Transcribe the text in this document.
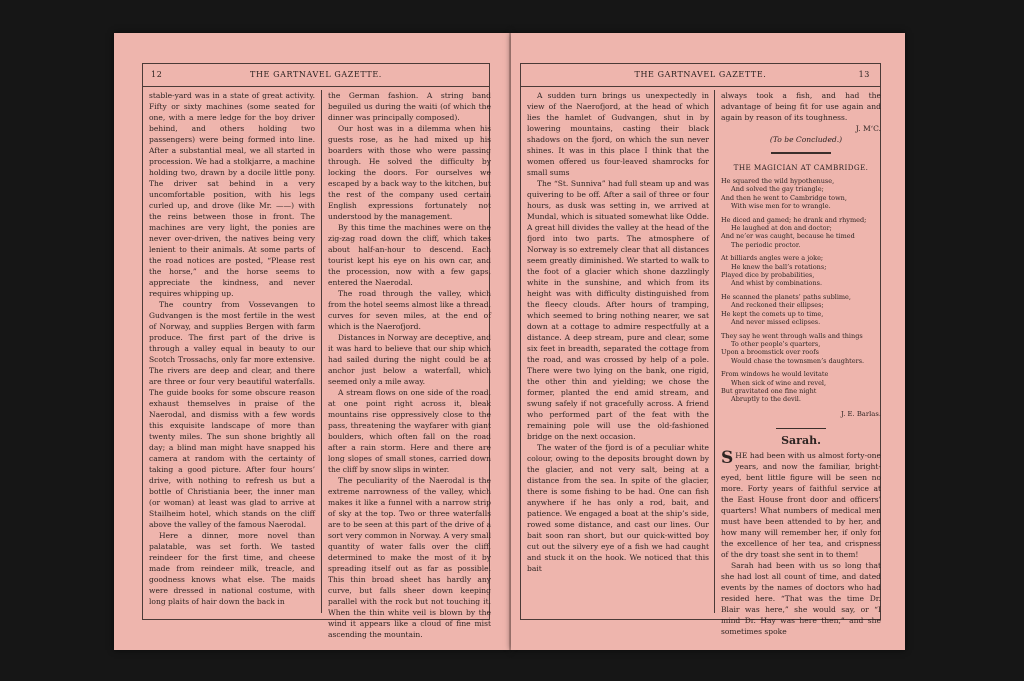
12	THE GARTNAVEL GAZETTE.

stable-yard was in a state of great activity. Fifty or sixty machines (some seated for one, with a mere ledge for the boy driver behind, and others holding two passengers) were being formed into line. After a substantial meal, we all started in procession. We had a stolkjarre, a machine holding two, drawn by a docile little pony. The driver sat behind in a very uncomfortable position, with his legs curled up, and drove (like Mr. ——) with the reins between those in front. The machines are very light, the ponies are never over-driven, the natives being very lenient to their animals. At some parts of the road notices are posted, “Please rest the horse,” and the horse seems to appreciate the kindness, and never requires whipping up.

The country from Vossevangen to Gudvangen is the most fertile in the west of Norway, and supplies Bergen with farm produce. The first part of the drive is through a valley equal in beauty to our Scotch Trossachs, only far more extensive. The rivers are deep and clear, and there are three or four very beautiful waterfalls. The guide books for some obscure reason exhaust themselves in praise of the Naerodal, and dismiss with a few words this exquisite landscape of more than twenty miles. The sun shone brightly all day; a blind man might have snapped his camera at random with the certainty of taking a good picture. After four hours’ drive, with nothing to refresh us but a bottle of Christiania beer, the inner man (or woman) at least was glad to arrive at Stailheim hotel, which stands on the cliff above the valley of the famous Naerodal.

Here a dinner, more novel than palatable, was set forth. We tasted reindeer for the first time, and cheese made from reindeer milk, treacle, and goodness knows what else. The maids were dressed in national costume, with long plaits of hair down the back in

the German fashion. A string band beguiled us during the waiti (of which the dinner was principally composed).

Our host was in a dilemma when his guests rose, as he had mixed up his boarders with those who were passing through. He solved the difficulty by locking the doors. For ourselves we escaped by a back way to the kitchen, but the rest of the company used certain English expressions fortunately not understood by the management.

By this time the machines were on the zig-zag road down the cliff, which takes about half-an-hour to descend. Each tourist kept his eye on his own car, and the procession, now with a few gaps, entered the Naerodal.

The road through the valley, which from the hotel seems almost like a thread, curves for seven miles, at the end of which is the Naerofjord.

Distances in Norway are deceptive, and it was hard to believe that our ship which had sailed during the night could be at anchor just below a waterfall, which seemed only a mile away.

A stream flows on one side of the road, at one point right across it, bleak mountains rise oppressively close to the pass, threatening the wayfarer with giant boulders, which often fall on the road after a rain storm. Here and there are long slopes of small stones, carried down the cliff by snow slips in winter.

The peculiarity of the Naerodal is the extreme narrowness of the valley, which makes it like a funnel with a narrow strip of sky at the top. Two or three waterfalls are to be seen at this part of the drive of a sort very common in Norway. A very small quantity of water falls over the cliff, determined to make the most of it by spreading itself out as far as possible. This thin broad sheet has hardly any curve, but falls sheer down keeping parallel with the rock but not touching it. When the thin white veil is blown by the wind it appears like a cloud of fine mist ascending the mountain.

THE GARTNAVEL GAZETTE.	13

A sudden turn brings us unexpectedly in view of the Naerofjord, at the head of which lies the hamlet of Gudvangen, shut in by lowering mountains, casting their black shadows on the fjord, on which the sun never shines. It was in this place I think that the women offered us four-leaved shamrocks for small sums

The “St. Sunniva” had full steam up and was quivering to be off. After a sail of three or four hours, as dusk was setting in, we arrived at Mundal, which is situated somewhat like Odde. A great hill divides the valley at the head of the fjord into two parts. The atmosphere of Norway is so extremely clear that all distances seem greatly diminished. We started to walk to the foot of a glacier which shone dazzlingly white in the sunshine, and which from its height was with difficulty distinguished from the fleecy clouds. After hours of tramping, which seemed to bring nothing nearer, we sat down at a cottage to admire respectfully at a distance. A deep stream, pure and clear, some six feet in breadth, separated the cottage from the road, and was crossed by help of a pole. There were two lying on the bank, one rigid, the other thin and yielding; we chose the former, planted the end amid stream, and swung safely if not gracefully across. A friend who performed part of the feat with the remaining pole will use the old-fashioned bridge on the next occasion.

The water of the fjord is of a peculiar white colour, owing to the deposits brought down by the glacier, and not very salt, being at a distance from the sea. In spite of the glacier, there is some fishing to be had. One can fish anywhere if he has only a rod, bait, and patience. We engaged a boat at the ship’s side, rowed some distance, and cast our lines. Our bait soon ran short, but our quick-witted boy cut out the silvery eye of a fish we had caught and stuck it on the hook. We noticed that this bait

always took a fish, and had the advantage of being fit for use again and again by reason of its toughness.

J. M‘C.

(To be Concluded.)

THE MAGICIAN AT CAMBRIDGE.
He squared the wild hypothenuse,
And solved the gay triangle;
And then he went to Cambridge town,
With wise men for to wrangle.
He diced and gamed; he drank and rhymed;
He laughed at don and doctor;
And ne’er was caught, because he timed
The periodic proctor.
At billiards angles were a joke;
He knew the ball’s rotations;
Played dice by probabilities,
And whist by combinations.
He scanned the planets’ paths sublime,
And reckoned their ellipses;
He kept the comets up to time,
And never missed eclipses.
They say he went through walls and things
To other people’s quarters,
Upon a broomstick over roofs
Would chase the townsmen’s daughters.
From windows he would levitate
When sick of wine and revel,
But gravitated one fine night
Abruptly to the devil.

J. E. Barlas.

Sarah.

SHE had been with us almost forty-one years, and now the familiar, bright-eyed, bent little figure will be seen no more. Forty years of faithful service at the East House front door and officers’ quarters! What numbers of medical men must have been attended to by her, and how many will remember her, if only for the excellence of her tea, and crispness of the dry toast she sent in to them!

Sarah had been with us so long that she had lost all count of time, and dated events by the names of doctors who had resided here. “That was the time Dr. Blair was here,” she would say, or “I mind Dr. Hay was here then,” and she sometimes spoke
